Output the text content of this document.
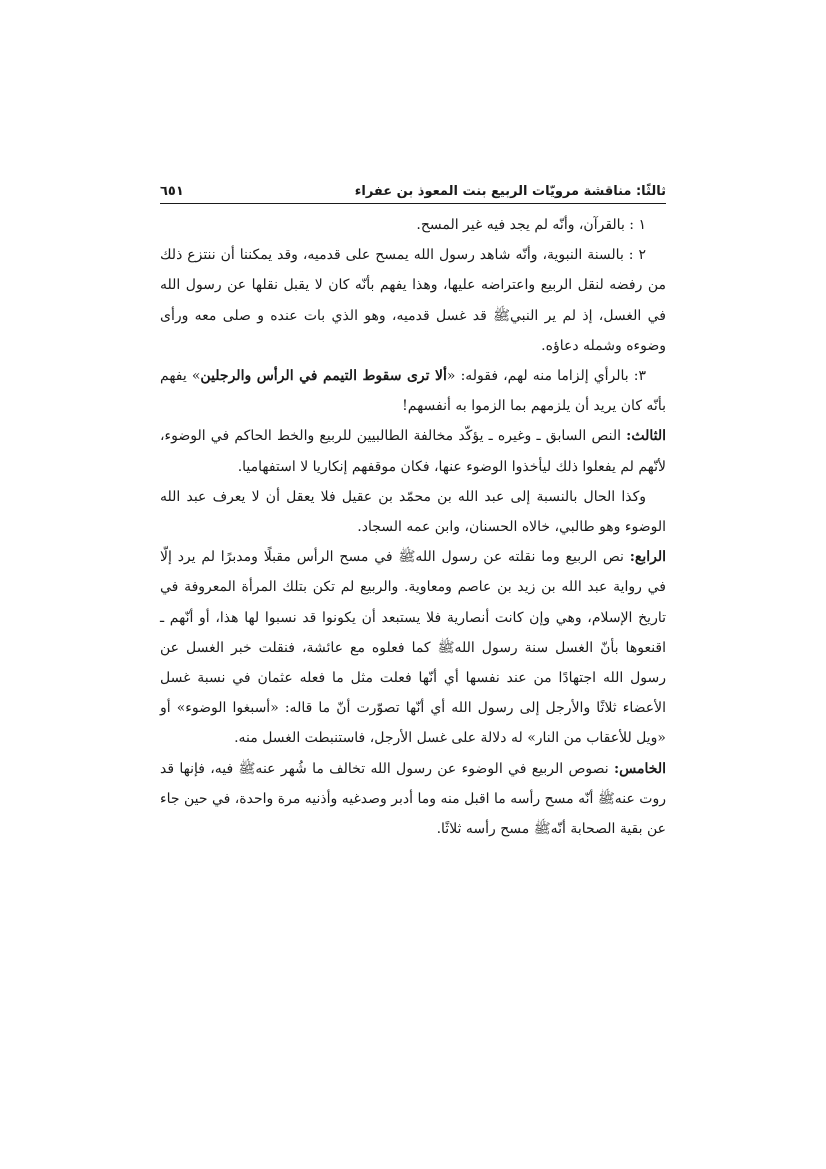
ثالثًا: مناقشة مرويّات الربيع بنت المعوذ بن عفراء
٦٥١

١ : بالقرآن، وأنّه لم يجد فيه غير المسح.

٢ : بالسنة النبوية، وأنّه شاهد رسول الله يمسح على قدميه، وقد يمكننا أن ننتزع ذلك من رفضه لنقل الربيع واعتراضه عليها، وهذا يفهم بأنّه كان لا يقبل نقلها عن رسول الله في الغسل، إذ لم ير النبيﷺ قد غسل قدميه، وهو الذي بات عنده و صلى معه ورأى وضوءه وشمله دعاؤه.

٣: بالرأي إلزاما منه لهم، فقوله: «ألا ترى سقوط التيمم في الرأس والرجلين» يفهم بأنّه كان يريد أن يلزمهم بما الزموا به أنفسهم!

الثالث: النص السابق ـ وغيره ـ يؤكّد مخالفة الطالبيين للربيع والخط الحاكم في الوضوء، لأنّهم لم يفعلوا ذلك ليأخذوا الوضوء عنها، فكان موقفهم إنكاريا لا استفهاميا.

وكذا الحال بالنسبة إلى عبد الله بن محمّد بن عقيل فلا يعقل أن لا يعرف عبد الله الوضوء وهو طالبي، خالاه الحسنان، وابن عمه السجاد.

الرابع: نص الربيع وما نقلته عن رسول اللهﷺ في مسح الرأس مقبلًا ومدبرًا لم يرد إلّا في رواية عبد الله بن زيد بن عاصم ومعاوية. والربيع لم تكن بتلك المرأة المعروفة في تاريخ الإسلام، وهي وإن كانت أنصارية فلا يستبعد أن يكونوا قد نسبوا لها هذا، أو أنّهم ـ اقنعوها بأنّ الغسل سنة رسول اللهﷺ كما فعلوه مع عائشة، فنقلت خبر الغسل عن رسول الله اجتهادًا من عند نفسها أي أنّها فعلت مثل ما فعله عثمان في نسبة غسل الأعضاء ثلاثًا والأرجل إلى رسول الله أي أنّها تصوّرت أنّ ما قاله: «أسبغوا الوضوء» أو «ويل للأعقاب من النار» له دلالة على غسل الأرجل، فاستنبطت الغسل منه.

الخامس: نصوص الربيع في الوضوء عن رسول الله تخالف ما شُهر عنهﷺ فيه، فإنها قد روت عنهﷺ أنّه مسح رأسه ما اقبل منه وما أدبر وصدغيه وأذنيه مرة واحدة، في حين جاء عن بقية الصحابة أنّهﷺ مسح رأسه ثلاثًا.
